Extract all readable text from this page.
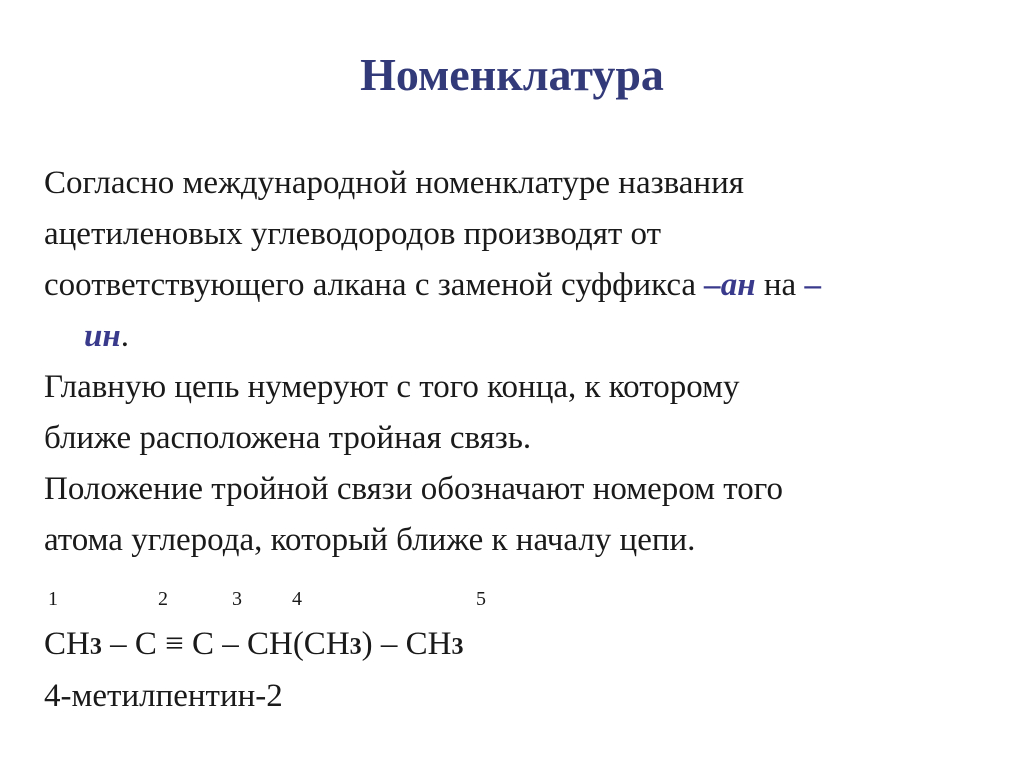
Номенклатура
Согласно международной номенклатуре названия
ацетиленовых углеводородов производят от
соответствующего алкана с заменой суффикса –ан на –
ин.
Главную цепь нумеруют с того конца, к которому
ближе расположена тройная связь.
Положение тройной связи обозначают номером того
атома углерода, который ближе к началу цепи.
1	2	3	4	5
CH3 – C ≡ C – CH(CH3) – CH3
4-метилпентин-2
